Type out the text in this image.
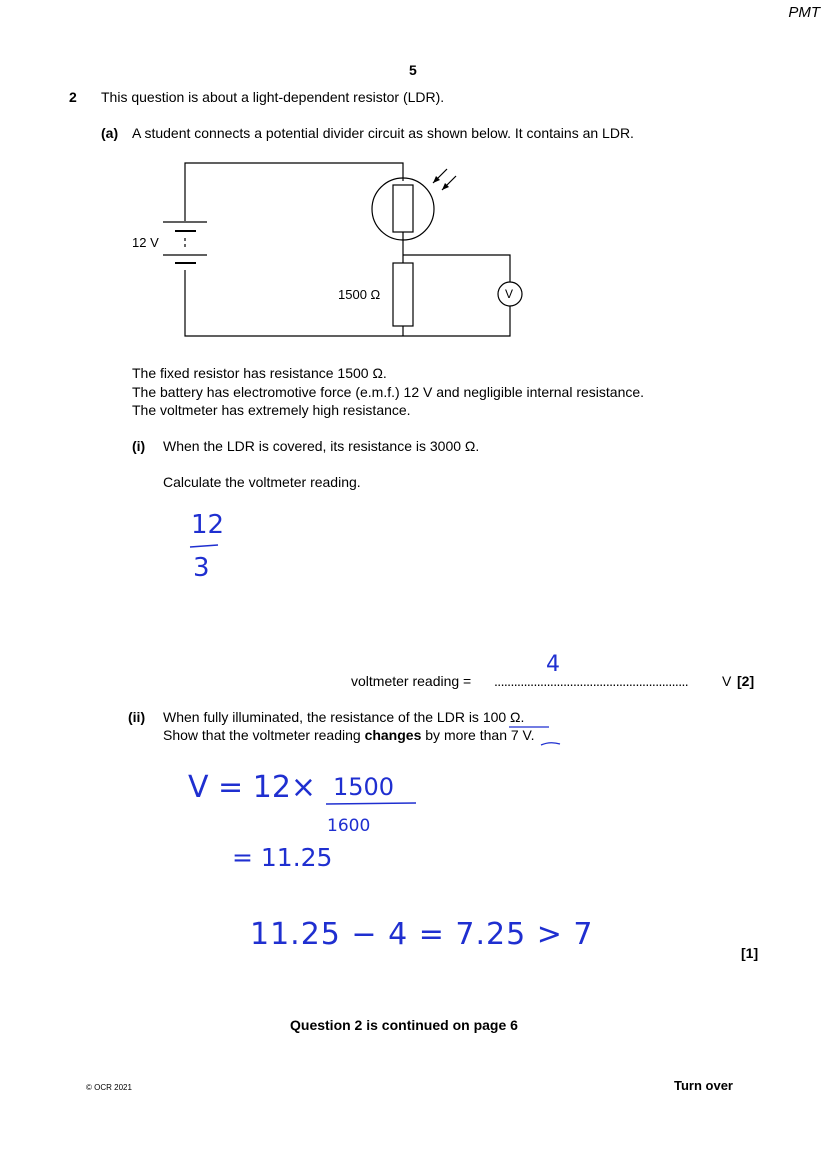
PMT
5
2 This question is about a light-dependent resistor (LDR).
(a) A student connects a potential divider circuit as shown below. It contains an LDR.
12 V
1500 Ω	V
The fixed resistor has resistance 1500 Ω.
The battery has electromotive force (e.m.f.) 12 V and negligible internal resistance.
The voltmeter has extremely high resistance.
(i) When the LDR is covered, its resistance is 3000 Ω.
Calculate the voltmeter reading.
12
3
voltmeter reading = ...........................................................
4
V [2]
(ii) When fully illuminated, the resistance of the LDR is 100 Ω.
Show that the voltmeter reading changes by more than 7 V.
V = 12× 1500
1600
= 11.25
11.25 − 4 = 7.25 > 7
[1]
Question 2 is continued on page 6
© OCR 2021	Turn over
